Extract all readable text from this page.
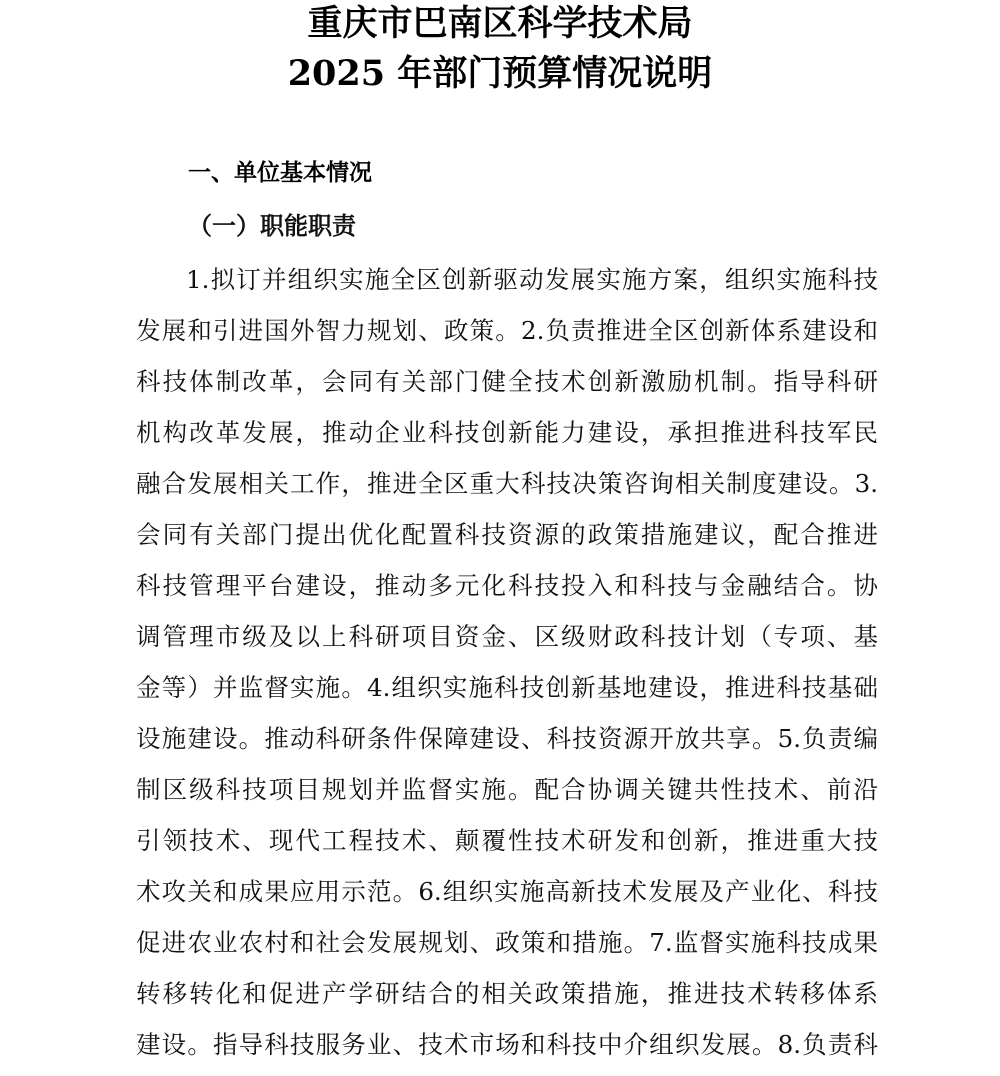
重庆市巴南区科学技术局
2025 年部门预算情况说明
一、单位基本情况
（一）职能职责
1.拟订并组织实施全区创新驱动发展实施方案，组织实施科技
发展和引进国外智力规划、政策。2.负责推进全区创新体系建设和
科技体制改革，会同有关部门健全技术创新激励机制。指导科研
机构改革发展，推动企业科技创新能力建设，承担推进科技军民
融合发展相关工作，推进全区重大科技决策咨询相关制度建设。3.
会同有关部门提出优化配置科技资源的政策措施建议，配合推进
科技管理平台建设，推动多元化科技投入和科技与金融结合。协
调管理市级及以上科研项目资金、区级财政科技计划（专项、基
金等）并监督实施。4.组织实施科技创新基地建设，推进科技基础
设施建设。推动科研条件保障建设、科技资源开放共享。5.负责编
制区级科技项目规划并监督实施。配合协调关键共性技术、前沿
引领技术、现代工程技术、颠覆性技术研发和创新，推进重大技
术攻关和成果应用示范。6.组织实施高新技术发展及产业化、科技
促进农业农村和社会发展规划、政策和措施。7.监督实施科技成果
转移转化和促进产学研结合的相关政策措施，推进技术转移体系
建设。指导科技服务业、技术市场和科技中介组织发展。8.负责科
